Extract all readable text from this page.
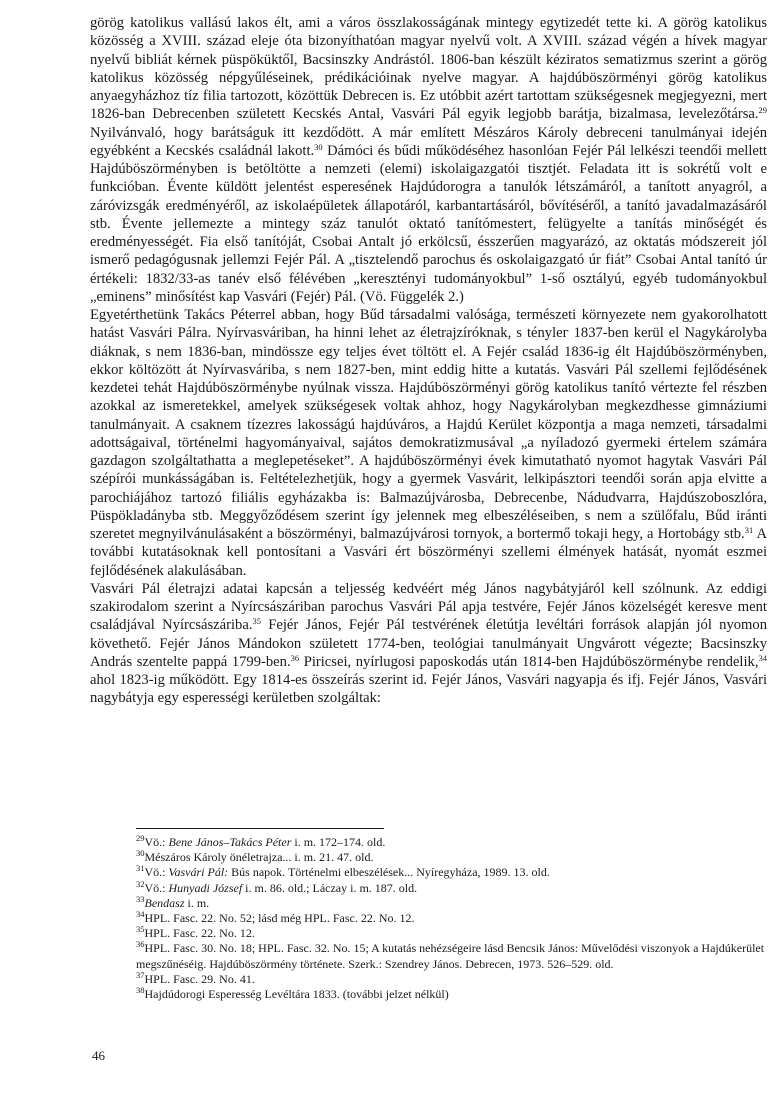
görög katolikus vallású lakos élt, ami a város összlakosságának mintegy egytizedét tette ki. A görög katolikus közösség a XVIII. század eleje óta bizonyíthatóan magyar nyelvű volt. A XVIII. század végén a hívek magyar nyelvű bibliát kérnek püspöküktől, Bacsinszky Andrástól. 1806-ban készült kéziratos sematizmus szerint a görög katolikus közösség népgyűléseinek, prédikációinak nyelve magyar. A hajdúböszörményi görög katolikus anyaegyházhoz tíz filia tartozott, közöttük Debrecen is. Ez utóbbit azért tartottam szükségesnek megjegyezni, mert 1826-ban Debrecenben született Kecskés Antal, Vasvári Pál egyik legjobb barátja, bizalmasa, levelezőtársa.$^{29}$ Nyilvánvaló, hogy barátságuk itt kezdődött. A már említett Mészáros Károly debreceni tanulmányai idején egyébként a Kecskés családnál lakott.$^{30}$ Dámóci és bűdi működéséhez hasonlóan Fejér Pál lelkészi teendői mellett Hajdúböszörményben is betöltötte a nemzeti (elemi) iskolaigazgatói tisztjét. Feladata itt is sokrétű volt e funkcióban. Évente küldött jelentést esperesének Hajdúdorogra a tanulók létszámáról, a tanított anyagról, a záróvizsgák eredményéről, az iskolaépületek állapotáról, karbantartásáról, bővítéséről, a tanító javadalmazásáról stb. Évente jellemezte a mintegy száz tanulót oktató tanítómestert, felügyelte a tanítás minőségét és eredményességét. Fia első tanítóját, Csobai Antalt jó erkölcsű, ésszerűen magyarázó, az oktatás módszereit jól ismerő pedagógusnak jellemzi Fejér Pál. A „tisztelendő parochus és oskolaigazgató úr fiát” Csobai Antal tanító úr értékeli: 1832/33-as tanév első félévében „keresztényi tudományokbul” 1-ső osztályú, egyéb tudományokbul „eminens” minősítést kap Vasvári (Fejér) Pál. (Vö. Függelék 2.)

Egyetérthetünk Takács Péterrel abban, hogy Bűd társadalmi valósága, természeti környezete nem gyakorolhatott hatást Vasvári Pálra. Nyírvasváriban, ha hinni lehet az életrajzíróknak, s ténylег 1837-ben kerül el Nagykárolyba diáknak, s nem 1836-ban, mindössze egy teljes évet töltött el. A Fejér család 1836-ig élt Hajdúböszörményben, ekkor költözött át Nyírvasváriba, s nem 1827-ben, mint eddig hitte a kutatás. Vasvári Pál szellemi fejlődésének kezdetei tehát Hajdúböszörménybe nyúlnak vissza. Hajdúböszörményi görög katolikus tanító vértezte fel részben azokkal az ismeretekkel, amelyek szükségesek voltak ahhoz, hogy Nagykárolyban megkezdhesse gimnáziumi tanulmányait. A csaknem tízezres lakosságú hajdúváros, a Hajdú Kerület központja a maga nemzeti, társadalmi adottságaival, történelmi hagyományaival, sajátos demokratizmusával „a nyíladozó gyermeki értelem számára gazdagon szolgáltathatta a meglepetéseket”. A hajdúböszörményi évek kimutatható nyomot hagytak Vasvári Pál szépírói munkásságában is. Feltételezhetjük, hogy a gyermek Vasvárit, lelkipásztori teendői során apja elvitte a parochiájához tartozó filiális egyházakba is: Balmazújvárosba, Debrecenbe, Nádudvarra, Hajdúszoboszlóra, Püspökladányba stb. Meggyőződésem szerint így jelennek meg elbeszéléseiben, s nem a szülőfalu, Bűd iránti szeretet megnyilvánulásaként a böszörményi, balmazújvárosi tornyok, a bortermő tokaji hegy, a Hortobágy stb.$^{31}$ A további kutatásoknak kell pontosítani a Vasvári ért böszörményi szellemi élmények hatását, nyomát eszmei fejlődésének alakulásában.

Vasvári Pál életrajzi adatai kapcsán a teljesség kedvéért még János nagybátyjáról kell szólnunk. Az eddigi szakirodalom szerint a Nyírcsászáriban parochus Vasvári Pál apja testvére, Fejér János közelségét keresve ment családjával Nyírcsászáriba.$^{35}$ Fejér János, Fejér Pál testvérének életútja levéltári források alapján jól nyomon követhető. Fejér János Mándokon született 1774-ben, teológiai tanulmányait Ungvárott végezte; Bacsinszky András szentelte pappá 1799-ben.$^{36}$ Piricsei, nyírlugosi paposkodás után 1814-ben Hajdúböszörménybe rendelik,$^{34}$ ahol 1823-ig működött. Egy 1814-es összeírás szerint id. Fejér János, Vasvári nagyapja és ifj. Fejér János, Vasvári nagybátyja egy esperességi kerületben szolgáltak:

$^{29}$Vö.: Bene János–Takács Péter i. m. 172–174. old.

$^{30}$Mészáros Károly önéletrajza... i. m. 21. 47. old.

$^{31}$Vö.: Vasvári Pál: Bús napok. Történelmi elbeszélések... Nyíregyháza, 1989. 13. old.

$^{32}$Vö.: Hunyadi József i. m. 86. old.; Láczay i. m. 187. old.

$^{33}$Bendasz i. m.

$^{34}$HPL. Fasc. 22. No. 52; lásd még HPL. Fasc. 22. No. 12.

$^{35}$HPL. Fasc. 22. No. 12.

$^{36}$HPL. Fasc. 30. No. 18; HPL. Fasc. 32. No. 15; A kutatás nehézségeire lásd Bencsik János: Művelődési viszonyok a Hajdúkerület megszűnéséig. Hajdúböszörmény története. Szerk.: Szendrey János. Debrecen, 1973. 526–529. old.

$^{37}$HPL. Fasc. 29. No. 41.

$^{38}$Hajdúdorogi Esperesség Levéltára 1833. (további jelzet nélkül)

46
